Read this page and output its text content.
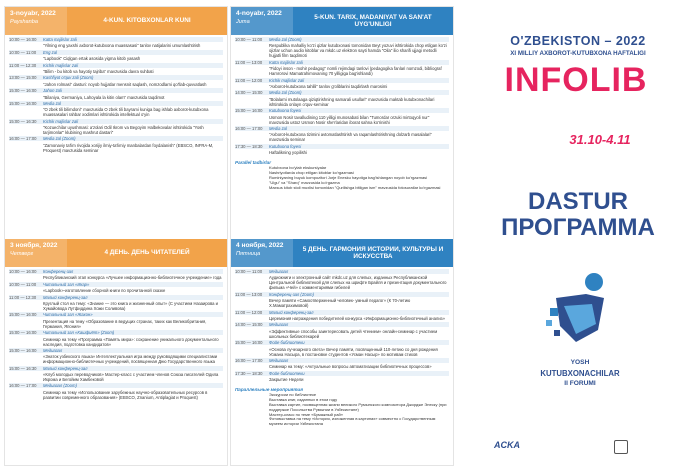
3-noyabr, 2022
Payshanba	4-KUN. KITOBXONLAR KUNI
10:00 — 16:00	Katta majlislar zali
"Yilning eng yaxshi axborot-kutubxona muassasasi" tanlov natijalarini umumlashtirish
10:00 — 11:00	Eng zal
"Lapbook" Ciqlgan ertak asosida yigma kitob yasash
11:00 — 12:30	Kichik majlislar zali
"Bilim - bu kitob va hayotiy tajriba" mavzusida davra suhbati
13:00 — 15:00	Kashfiyot o'quv zali (Zoom)
"Jahon rolmasi" dasturi: noyob hujjatlar mensnit saqlash, nomzodlarni qo'llab-quvvatlash
15:00 — 16:00	Jahon zali
"Bilaniya, Germaniya, Lahoyala la kitin olam" mavzusida taqdimot
15:00 — 16:00	Media zal
"O zbek tili bilimdoni" mavzusida O zbek tili bayrami kuniga bag ishlab axborot-kutubxona muassasalari rahbar xodimlari ishtirokida intellektual o'yin
15:00 — 16:30	Kichik majlislar zali
"Kozuechilar uyushmasi: a'zolari Odil Ikrom va Begoyim Halbekovalar ishtirokida "Yosh tarjimonlar" klubining mashrut dastari"
16:00 — 17:00	Media zal (Zoom)
"Zamonaviy ta'lim rivojida xorijiy ilmiy-ta'limiy manbalardan foydalanish" (EBSCO, INFRA-M, Proquest) mavzusida seminar
3 ноября, 2022
Четверг	4 ДЕНЬ. ДЕНЬ ЧИТАТЕЛЕЙ
10:00 — 16:00	Конференц-зал
Республиканский этап конкурса «Лучшее информационно-библиотечное учреждение» года
10:00 — 11:00	Читальный зал «Икар»
«Lapbook»-изготовление сборной книги по прочитанной сказке
11:00 — 12:30	Малый конференц-зал
Круглый стол на тему: «Знание — это книга и жизненный опыт» (С участием Назаирова и Хумайовода Лутфиддина Хожи Соливова)
15:00 — 16:00	Читальный зал «Жахон»
Презентация на тему «Образование в ведущих странах, таких как Великобритания, Германия, Япония»
15:00 — 16:00	Читальный зал «Кашфиёт» (Zoom)
Семинар на тему «Программа «Память мира»: сохранение уникального документального наследия, подготовка кандидатов»
15:00 — 16:00	Медиазал
«Знаток узбекского языка» Интеллектуальная игра между руководящими специалистами информационно-библиотечных учреждений, посвященная Дню Государственного языка
15:00 — 16:30	Малый конференц-зал
«Клуб молодых переводчиков» Мастер-класс с участием членов Союза писателей Одила Икрома и Бегойим Хамбековой
16:00 — 17:00	Медиазал (Zoom)
Семинар на тему «Использование зарубежных научно-образовательных ресурсов в развитии современного образования» (EBSCO, Znanium, Antiplagiat и Proquest)
4-noyabr, 2022
Juma
5-KUN. TARIX, MADANIYAT VA SAN'AT UYG'UNLIGI
10:00 — 11:00	Media zal (Zoom)
Respublika mahalliy ko'zi qizlar kutubxonasi tomonidan Beyt yozuvi ishtirokida chop etilgan ko'zi ojizlar uchun audio kitoblar va mkdc.uz elektron sayti hamda "Oila" ilio sharifi ujjagi metodli hujjatli film taqdimoti
11:00 — 13:00	Katta majlislar zali
"Fidoyi inson - mohir pedagog" nomli rejimdagi tanlovi (pedagogika fanlari nomzodi, bibliograf Hamrorovi Mamatrahimovaning 70 yilligiga bag'ishlandi)
11:00 — 12:00	Kichik majlislar zali
"Axborot-kutubxona tahlili" tanlov g'oliblarini taqdirlash marosimi
14:00 — 15:00	Media zal (Zoom)
"Bolalarni mutolaaga qiziqtirishning samarali usullari" mavzusida maktab kutubxonachilari ishtirokida onlayn o'quv-seminar
15:00 — 16:00	Kutubxona foyesi
Usmon Nosir tavalludining 110 yilligi munosabati bilan "Tumordar orzuki mirtoqyoli nur" mavzusida ustoz Usmon Nosir she'rlaridan iborat sahna ko'rinishi
16:00 — 17:00	Media zal
"Axborot-kutubxona tizimini avtomatlashtirish va raqamlashtirishning dolzarb masalalari" mavzusida seminar
17:30 — 18:30	Kutubxona foyesi
Haftalikning yopilishi
Parallel tadbirlar
Kutubxona bo'ylab ekskursiyalar
Nashriyotlarda chop etilgan kitoblar ko'rgazmasi
Ruminiyaning buyuk kompozitori Jorje Enesku hayotiga bag'ishlangan noyob ko'rgazmasi
"Ulgu" va "Sharq" mavzusida ko'rgazma
Maxsus kitob stoli muxlisi tomonidan "Qurilishga bitilgan ism" mavzusida fotosuratlar ko'rgazmasi
4 ноября, 2022
Пятница
5 ДЕНЬ. ГАРМОНИЯ ИСТОРИИ, КУЛЬТУРЫ И ИСКУССТВА
10:00 — 11:00	Медиазал
Аудиокниги и электронный сайт mkdc.uz для слепых, изданных Республиканской Центральной библиотекой для слепых на шрифте Брайля и презентация документального фильма «Чей» с комментариями гибелей
11:00 — 13:00	Конференц-зал (Zoom)
Вечер памяти «Самоотверженный человек- умный педагог» (К 70-летию Х.Маматрахимовой)
11:00 — 12:00	Малый конференц-зал
Церемония награждения победителей конкурса «Информационно-библиотечный анализ»
14:00 — 15:00	Медиазал
«Эффективные способы заинтересовать детей чтением» онлайн-семинар с участием школьных библиотекарей
15:00 — 16:00	Фойе библиотеки
«Основа лучезарного света» Вечер памяти, посвященный 110-летию со дня рождения Усмана Насыра, в постановке студентов «Усман Насыр» по мотивам стихов
16:00 — 17:00	Медиазал
Семинар на тему: «Актуальные вопросы автоматизации библиотечных процессов»
17:30 — 18:30	Фойе библиотеки
Закрытие Недели
Параллельные мероприятия
Экскурсии по библиотеке
Выставка книг, изданных в этом году
Выставка картин, посвященная жизни великого Румынского композитора Джордже Энеску (при поддержке Посольства Румынии в Узбекистане)
Мастер-класс по теме «Бумажный рай»
Фотовыставка на тему «История, изложенная в картинах» совместно с Государственным музеем истории Узбекистана
O'ZBEKISTON – 2022
XI MILLIY AXBOROT-KUTUBXONA HAFTALIGI
INFOLIB
31.10-4.11
DASTUR
ПРОГРАММА
YOSH
KUTUBXONACHILAR
II FORUMI
ACKA
